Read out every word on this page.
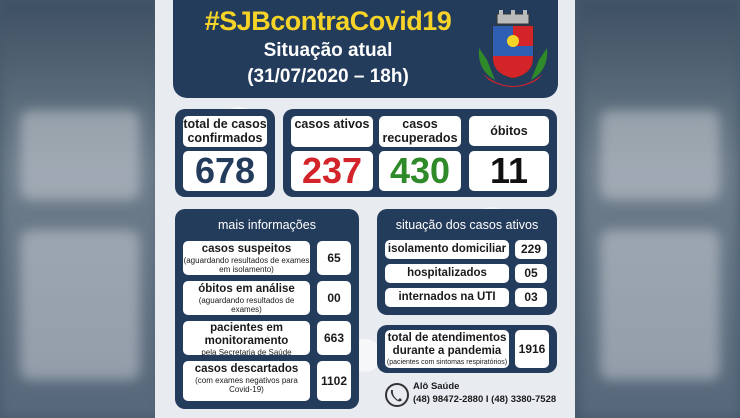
#SJBcontraCovid19
Situação atual
(31/07/2020 – 18h)
total de casos confirmados
678
casos ativos
237
casos recuperados
430
óbitos
11
mais informações
casos suspeitos
(aguardando resultados de exames em isolamento)
65
óbitos em análise
(aguardando resultados de exames)
00
pacientes em monitoramento
pela Secretaria de Saúde
663
casos descartados
(com exames negativos para Covid-19)
1102
situação dos casos ativos
isolamento domiciliar	229
hospitalizados	05
internados na UTI	03
total de atendimentos durante a pandemia
(pacientes com sintomas respiratórios)
1916
Alô Saúde
(48) 98472-2880 I (48) 3380-7528
